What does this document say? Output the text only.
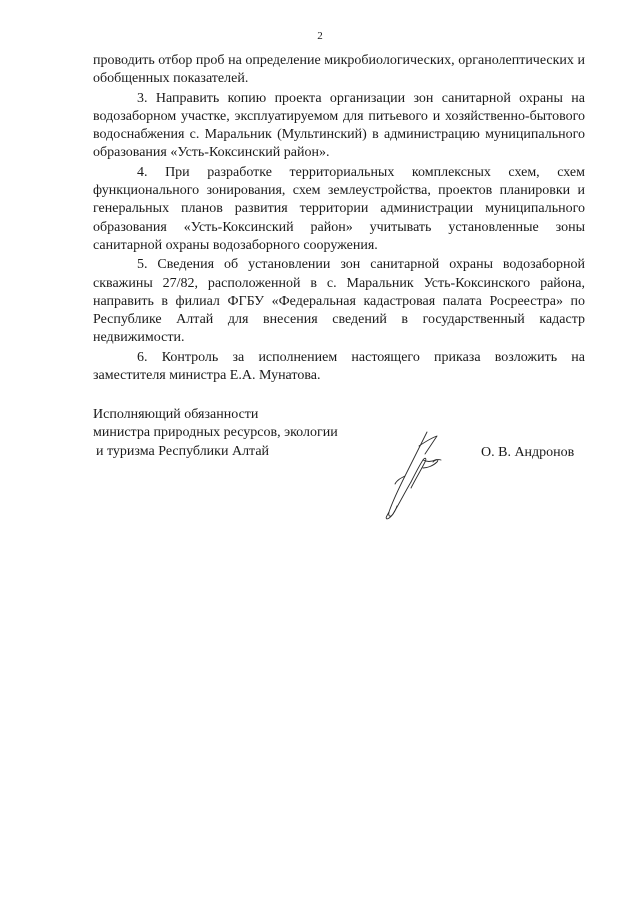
2

проводить отбор проб на определение микробиологических, органолептических и обобщенных показателей.

3. Направить копию проекта организации зон санитарной охраны на водозаборном участке, эксплуатируемом для питьевого и хозяйственно-бытового водоснабжения с. Маральник (Мультинский) в администрацию муниципального образования «Усть-Коксинский район».

4. При разработке территориальных комплексных схем, схем функционального зонирования, схем землеустройства, проектов планировки и генеральных планов развития территории администрации муниципального образования «Усть-Коксинский район» учитывать установленные зоны санитарной охраны водозаборного сооружения.

5. Сведения об установлении зон санитарной охраны водозаборной скважины 27/82, расположенной в с. Маральник Усть-Коксинского района, направить в филиал ФГБУ «Федеральная кадастровая палата Росреестра» по Республике Алтай для внесения сведений в государственный кадастр недвижимости.

6. Контроль за исполнением настоящего приказа возложить на заместителя министра Е.А. Мунатова.

Исполняющий обязанности
министра природных ресурсов, экологии
и туризма Республики Алтай	О. В. Андронов
